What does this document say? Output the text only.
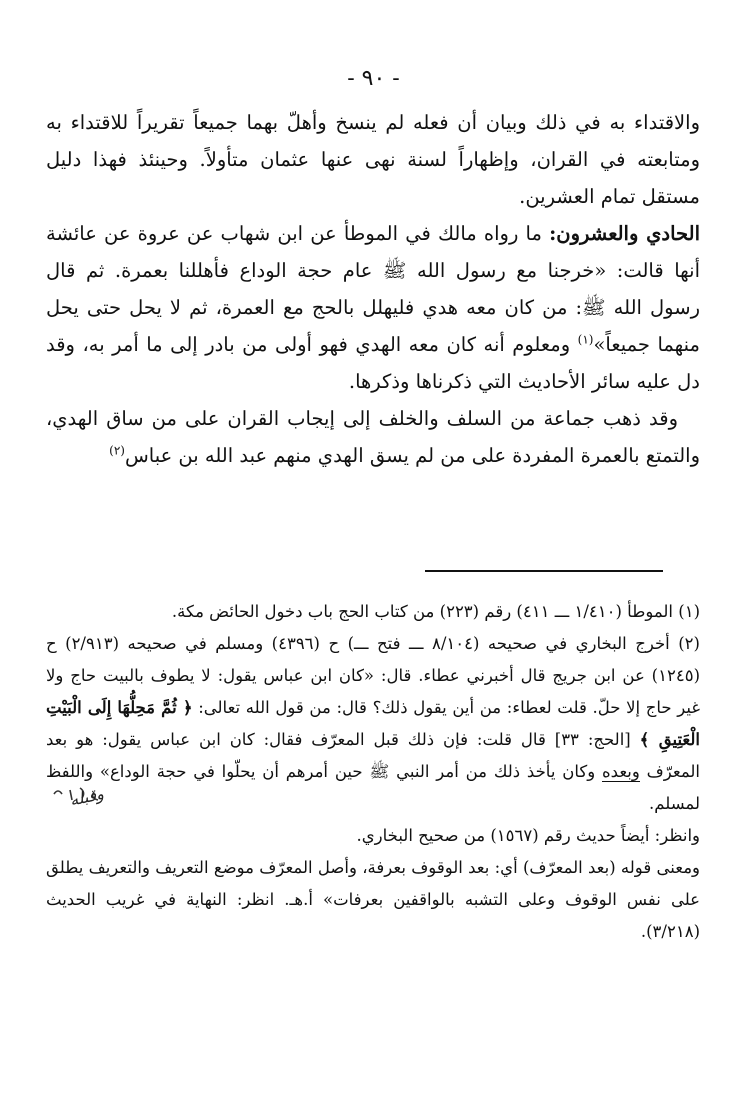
- ٩٠ -

والاقتداء به في ذلك وبيان أن فعله لم ينسخ وأهلّ بهما جميعاً تقريراً للاقتداء به ومتابعته في القران، وإظهاراً لسنة نهى عنها عثمان متأولاً. وحينئذ فهذا دليل مستقل تمام العشرين.

الحادي والعشرون: ما رواه مالك في الموطأ عن ابن شهاب عن عروة عن عائشة أنها قالت: «خرجنا مع رسول الله ﷺ عام حجة الوداع فأهللنا بعمرة. ثم قال رسول الله ﷺ: من كان معه هدي فليهلل بالحج مع العمرة، ثم لا يحل حتى يحل منهما جميعاً»$^{(١)}$ ومعلوم أنه كان معه الهدي فهو أولى من بادر إلى ما أمر به، وقد دل عليه سائر الأحاديث التي ذكرناها وذكرها.

وقد ذهب جماعة من السلف والخلف إلى إيجاب القران على من ساق الهدي، والتمتع بالعمرة المفردة على من لم يسق الهدي منهم عبد الله بن عباس$^{(٢)}$

(١) الموطأ (١/٤١٠ ـــ ٤١١) رقم (٢٢٣) من كتاب الحج باب دخول الحائض مكة.

(٢) أخرج البخاري في صحيحه (٨/١٠٤ ـــ فتح ـــ) ح (٤٣٩٦) ومسلم في صحيحه (٢/٩١٣) ح (١٢٤٥) عن ابن جريج قال أخبرني عطاء. قال: «كان ابن عباس يقول: لا يطوف بالبيت حاج ولا غير حاج إلا حلّ. قلت لعطاء: من أين يقول ذلك؟ قال: من قول الله تعالى: ﴿ ثُمَّ مَحِلُّهَا إِلَى الْبَيْتِ الْعَتِيقِ ﴾ [الحج: ٣٣] قال قلت: فإن ذلك قبل المعرّف فقال: كان ابن عباس يقول: هو بعد المعرّف وبعده وكان يأخذ ذلك من أمر النبي ﷺ حين أمرهم أن يحلّوا في حجة الوداع» واللفظ لمسلم.

وانظر: أيضاً حديث رقم (١٥٦٧) من صحيح البخاري.

ومعنى قوله (بعد المعرّف) أي: بعد الوقوف بعرفة، وأصل المعرّف موضع التعريف والتعريف يطلق على نفس الوقوف وعلى التشبه بالواقفين بعرفات» أ.هـ. انظر: النهاية في غريب الحديث (٣/٢١٨).

وقبله
